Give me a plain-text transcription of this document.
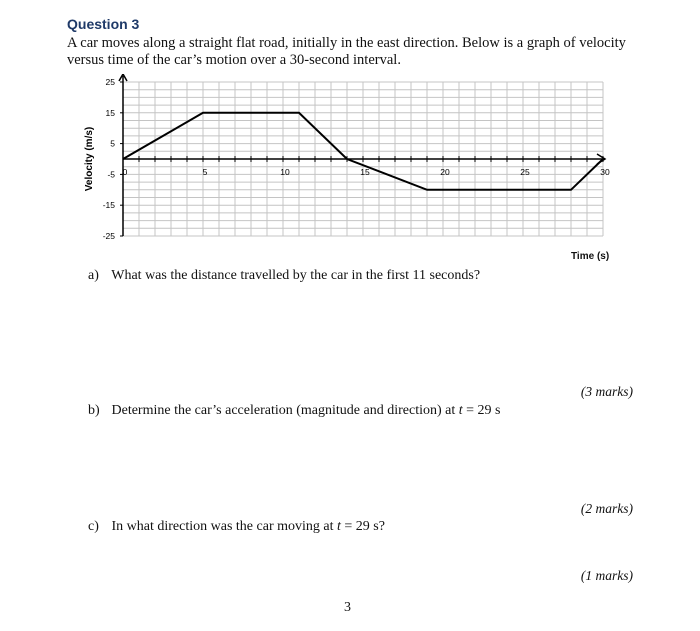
Question 3
A car moves along a straight flat road, initially in the east direction. Below is a graph of velocity versus time of the car’s motion over a 30-second interval.
25
15
5
-5
-15
-25
0	5	10	15	20	25	30
Velocity (m/s)
Time (s)
a) What was the distance travelled by the car in the first 11 seconds?
(3 marks)
b) Determine the car’s acceleration (magnitude and direction) at t = 29 s
(2 marks)
c) In what direction was the car moving at t = 29 s?
(1 marks)
3
